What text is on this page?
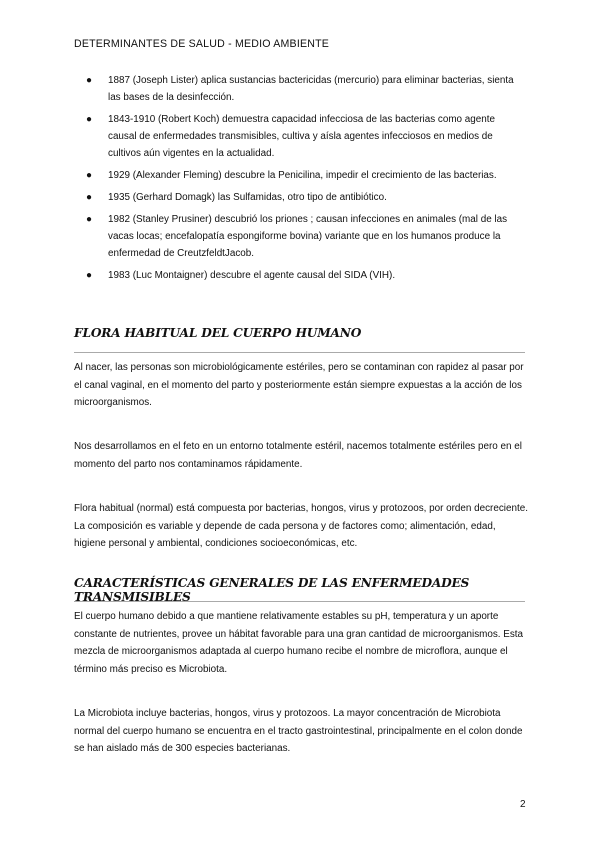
DETERMINANTES DE SALUD - MEDIO AMBIENTE
● 1887 (Joseph Lister) aplica sustancias bactericidas (mercurio) para eliminar bacterias, sienta las bases de la desinfección.
● 1843-1910 (Robert Koch) demuestra capacidad infecciosa de las bacterias como agente causal de enfermedades transmisibles, cultiva y aísla agentes infecciosos en medios de cultivos aún vigentes en la actualidad.
● 1929 (Alexander Fleming) descubre la Penicilina, impedir el crecimiento de las bacterias.
● 1935 (Gerhard Domagk) las Sulfamidas, otro tipo de antibiótico.
● 1982 (Stanley Prusiner) descubrió los priones ; causan infecciones en animales (mal de las vacas locas; encefalopatía espongiforme bovina) variante que en los humanos produce la enfermedad de CreutzfeldtJacob.
● 1983 (Luc Montaigner) descubre el agente causal del SIDA (VIH).
FLORA HABITUAL DEL CUERPO HUMANO

Al nacer, las personas son microbiológicamente estériles, pero se contaminan con rapidez al pasar por el canal vaginal, en el momento del parto y posteriormente están siempre expuestas a la acción de los microorganismos.

Nos desarrollamos en el feto en un entorno totalmente estéril, nacemos totalmente estériles pero en el momento del parto nos contaminamos rápidamente.

Flora habitual (normal) está compuesta por bacterias, hongos, virus y protozoos, por orden decreciente. La composición es variable y depende de cada persona y de factores como; alimentación, edad, higiene personal y ambiental, condiciones socioeconómicas, etc.

CARACTERÍSTICAS GENERALES DE LAS ENFERMEDADES TRANSMISIBLES

El cuerpo humano debido a que mantiene relativamente estables su pH, temperatura y un aporte constante de nutrientes, provee un hábitat favorable para una gran cantidad de microorganismos. Esta mezcla de microorganismos adaptada al cuerpo humano recibe el nombre de microflora, aunque el término más preciso es Microbiota.

La Microbiota incluye bacterias, hongos, virus y protozoos. La mayor concentración de Microbiota normal del cuerpo humano se encuentra en el tracto gastrointestinal, principalmente en el colon donde se han aislado más de 300 especies bacterianas.

2
